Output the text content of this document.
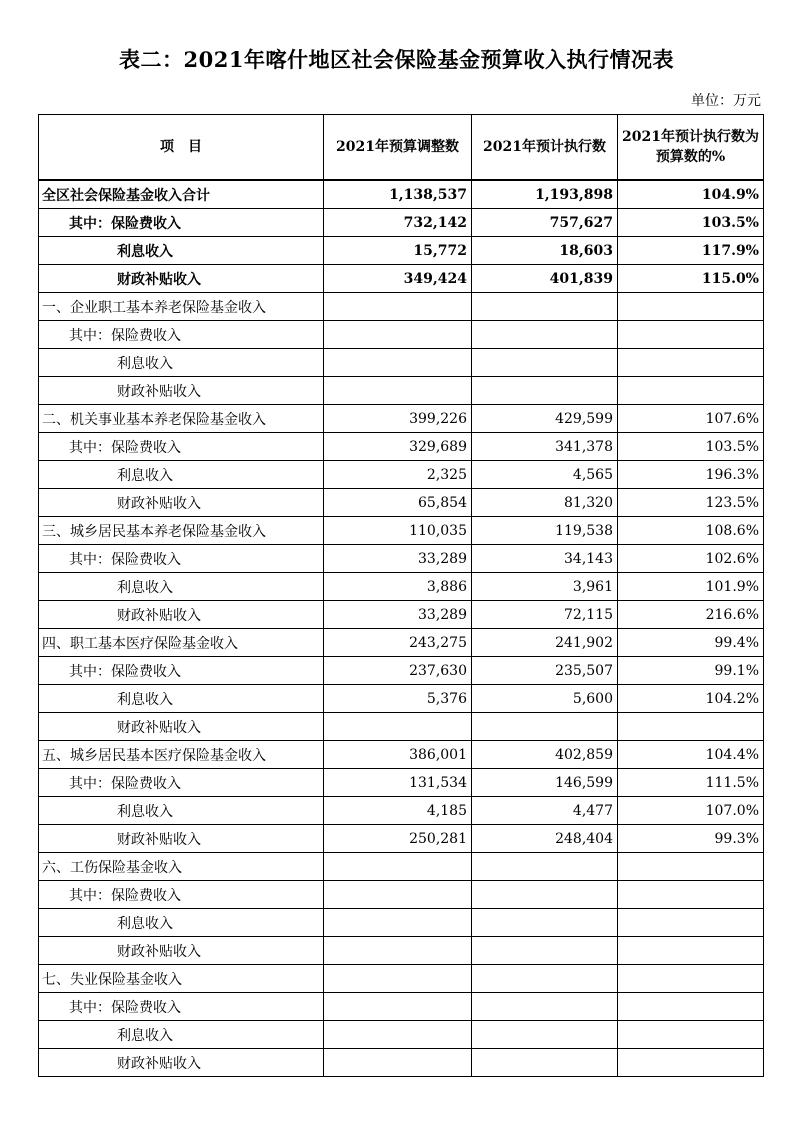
表二：2021年喀什地区社会保险基金预算收入执行情况表
单位：万元
项　目	2021年预算调整数	2021年预计执行数	2021年预计执行数为预算数的%
全区社会保险基金收入合计	1,138,537	1,193,898	104.9%
其中：保险费收入	732,142	757,627	103.5%
利息收入	15,772	18,603	117.9%
财政补贴收入	349,424	401,839	115.0%
一、企业职工基本养老保险基金收入			
其中：保险费收入			
利息收入			
财政补贴收入			
二、机关事业基本养老保险基金收入	399,226	429,599	107.6%
其中：保险费收入	329,689	341,378	103.5%
利息收入	2,325	4,565	196.3%
财政补贴收入	65,854	81,320	123.5%
三、城乡居民基本养老保险基金收入	110,035	119,538	108.6%
其中：保险费收入	33,289	34,143	102.6%
利息收入	3,886	3,961	101.9%
财政补贴收入	33,289	72,115	216.6%
四、职工基本医疗保险基金收入	243,275	241,902	99.4%
其中：保险费收入	237,630	235,507	99.1%
利息收入	5,376	5,600	104.2%
财政补贴收入			
五、城乡居民基本医疗保险基金收入	386,001	402,859	104.4%
其中：保险费收入	131,534	146,599	111.5%
利息收入	4,185	4,477	107.0%
财政补贴收入	250,281	248,404	99.3%
六、工伤保险基金收入			
其中：保险费收入			
利息收入			
财政补贴收入			
七、失业保险基金收入			
其中：保险费收入			
利息收入			
财政补贴收入			
